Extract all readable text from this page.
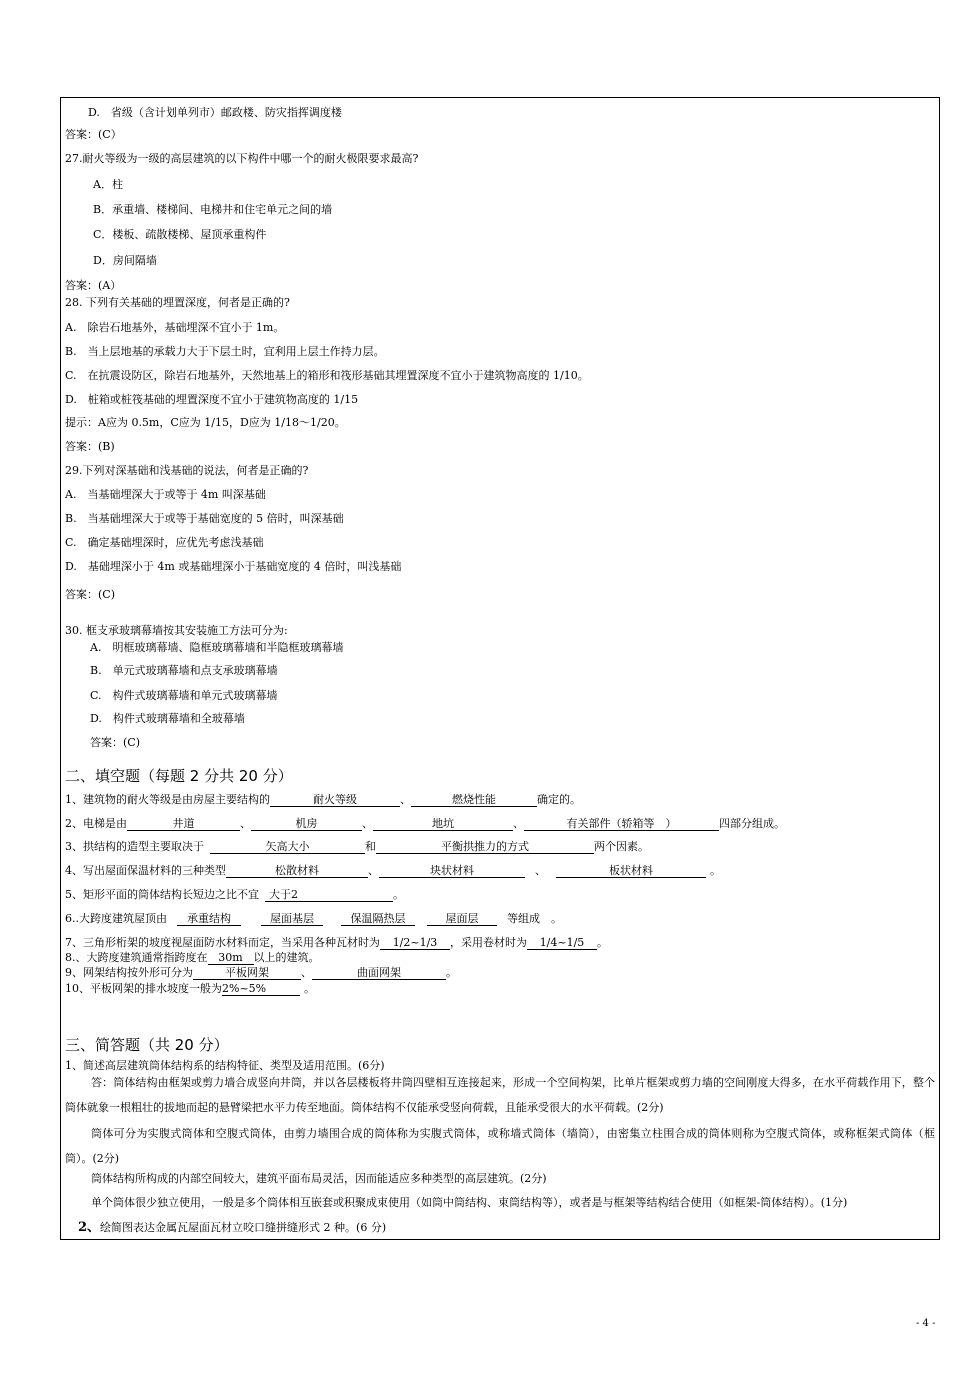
D.　省级（含计划单列市）邮政楼、防灾指挥调度楼
答案：(C）
27.耐火等级为一级的高层建筑的以下构件中哪一个的耐火极限要求最高?
A．柱
B．承重墙、楼梯间、电梯井和住宅单元之间的墙
C．楼板、疏散楼梯、屋顶承重构件
D．房间隔墙
答案：(A）
28. 下列有关基础的埋置深度，何者是正确的?
A.　除岩石地基外，基础埋深不宜小于 1m。
B.　当上层地基的承载力大于下层土时，宜利用上层土作持力层。
C.　在抗震设防区，除岩石地基外，天然地基上的箱形和筏形基础其埋置深度不宜小于建筑物高度的 1/10。
D.　桩箱或桩筏基础的埋置深度不宜小于建筑物高度的 1/15
提示：A应为 0.5m，C应为 1/15，D应为 1/18～1/20。
答案：(B)
29.下列对深基础和浅基础的说法，何者是正确的?
A.　当基础埋深大于或等于 4m 叫深基础
B.　当基础埋深大于或等于基础宽度的 5 倍时，叫深基础
C.　确定基础埋深时，应优先考虑浅基础
D.　基础埋深小于 4m 或基础埋深小于基础宽度的 4 倍时，叫浅基础
答案：(C)
30. 框支承玻璃幕墙按其安装施工方法可分为:
A.　明框玻璃幕墙、隐框玻璃幕墙和半隐框玻璃幕墙
B.　单元式玻璃幕墙和点支承玻璃幕墙
C.　构件式玻璃幕墙和单元式玻璃幕墙
D.　构件式玻璃幕墙和全玻幕墙
答案：(C)
二、填空题（每题 2 分共 20 分）
1、建筑物的耐火等级是由房屋主要结构的	耐火等级	、	燃烧性能	确定的。
2、电梯是由	井道	、	机房	、	地坑	、	有关部件（轿箱等　）	四部分组成。
3、拱结构的造型主要取决于	矢高大小	和	平衡拱推力的方式	两个因素。
4、写出屋面保温材料的三种类型	松散材料	、	块状材料	、	板状材料	。
5、矩形平面的筒体结构长短边之比不宜 大于2	。
6..大跨度建筑屋顶由 承重结构	屋面基层	保温隔热层	屋面层	等组成　。
7、三角形桁架的坡度视屋面防水材料而定，当采用各种瓦材时为 1/2~1/3 ，采用卷材时为 1/4~1/5 。
8.、大跨度建筑通常指跨度在 30m 以上的建筑。
9、网架结构按外形可分为	平板网架	、	曲面网架	。
10、平板网架的排水坡度一般为2%~5%	。
三、简答题（共 20 分）
1、简述高层建筑筒体结构系的结构特征、类型及适用范围。(6分)
答：筒体结构由框架或剪力墙合成竖向井筒，并以各层楼板将井筒四壁相互连接起来，形成一个空间构架，比单片框架或剪力墙的空间刚度大得多，在水平荷载作用下，整个筒体就象一根粗壮的拔地而起的悬臂梁把水平力传至地面。筒体结构不仅能承受竖向荷载，且能承受很大的水平荷载。(2分)
筒体可分为实腹式筒体和空腹式筒体，由剪力墙围合成的筒体称为实腹式筒体，或称墙式筒体（墙筒），由密集立柱围合成的筒体则称为空腹式筒体，或称框架式筒体（框筒）。(2分)
筒体结构所构成的内部空间较大，建筑平面布局灵活，因而能适应多种类型的高层建筑。(2分)
单个筒体很少独立使用，一般是多个筒体相互嵌套或积聚成束使用（如筒中筒结构、束筒结构等），或者是与框架等结构结合使用（如框架-筒体结构）。(1分)
2、绘简图表达金属瓦屋面瓦材立咬口缝拼缝形式 2 种。(6 分)
- 4 -
